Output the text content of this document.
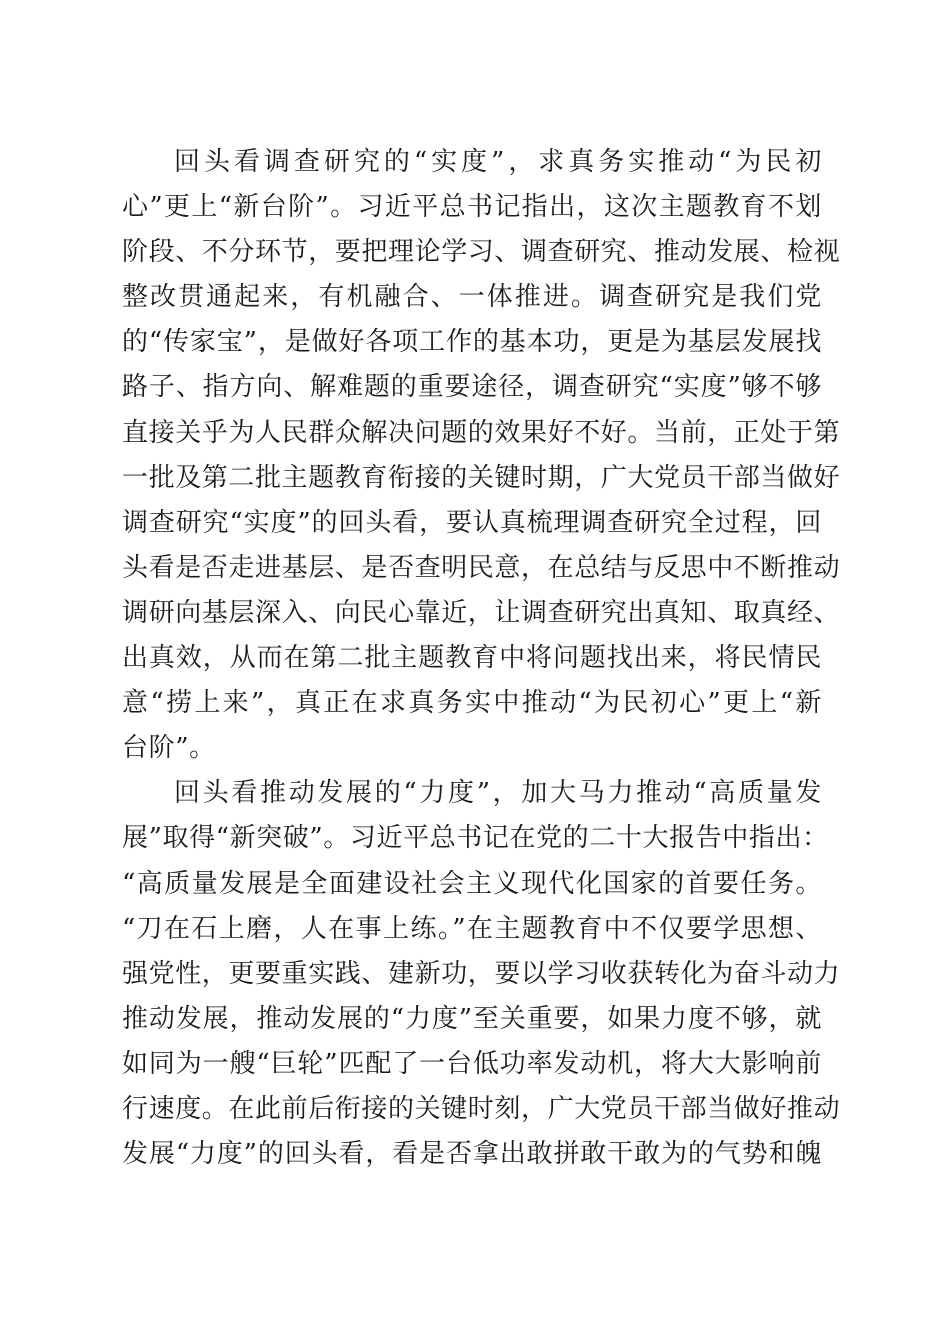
回头看调查研究的“实度”，求真务实推动“为民初
心”更上“新台阶”。习近平总书记指出，这次主题教育不划
阶段、不分环节，要把理论学习、调查研究、推动发展、检视
整改贯通起来，有机融合、一体推进。调查研究是我们党
的“传家宝”，是做好各项工作的基本功，更是为基层发展找
路子、指方向、解难题的重要途径，调查研究“实度”够不够
直接关乎为人民群众解决问题的效果好不好。当前，正处于第
一批及第二批主题教育衔接的关键时期，广大党员干部当做好
调查研究“实度”的回头看，要认真梳理调查研究全过程，回
头看是否走进基层、是否查明民意，在总结与反思中不断推动
调研向基层深入、向民心靠近，让调查研究出真知、取真经、
出真效，从而在第二批主题教育中将问题找出来，将民情民
意“捞上来”，真正在求真务实中推动“为民初心”更上“新
台阶”。
回头看推动发展的“力度”，加大马力推动“高质量发
展”取得“新突破”。习近平总书记在党的二十大报告中指出：
“高质量发展是全面建设社会主义现代化国家的首要任务。
“刀在石上磨，人在事上练。”在主题教育中不仅要学思想、
强党性，更要重实践、建新功，要以学习收获转化为奋斗动力
推动发展，推动发展的“力度”至关重要，如果力度不够，就
如同为一艘“巨轮”匹配了一台低功率发动机，将大大影响前
行速度。在此前后衔接的关键时刻，广大党员干部当做好推动
发展“力度”的回头看，看是否拿出敢拼敢干敢为的气势和魄
